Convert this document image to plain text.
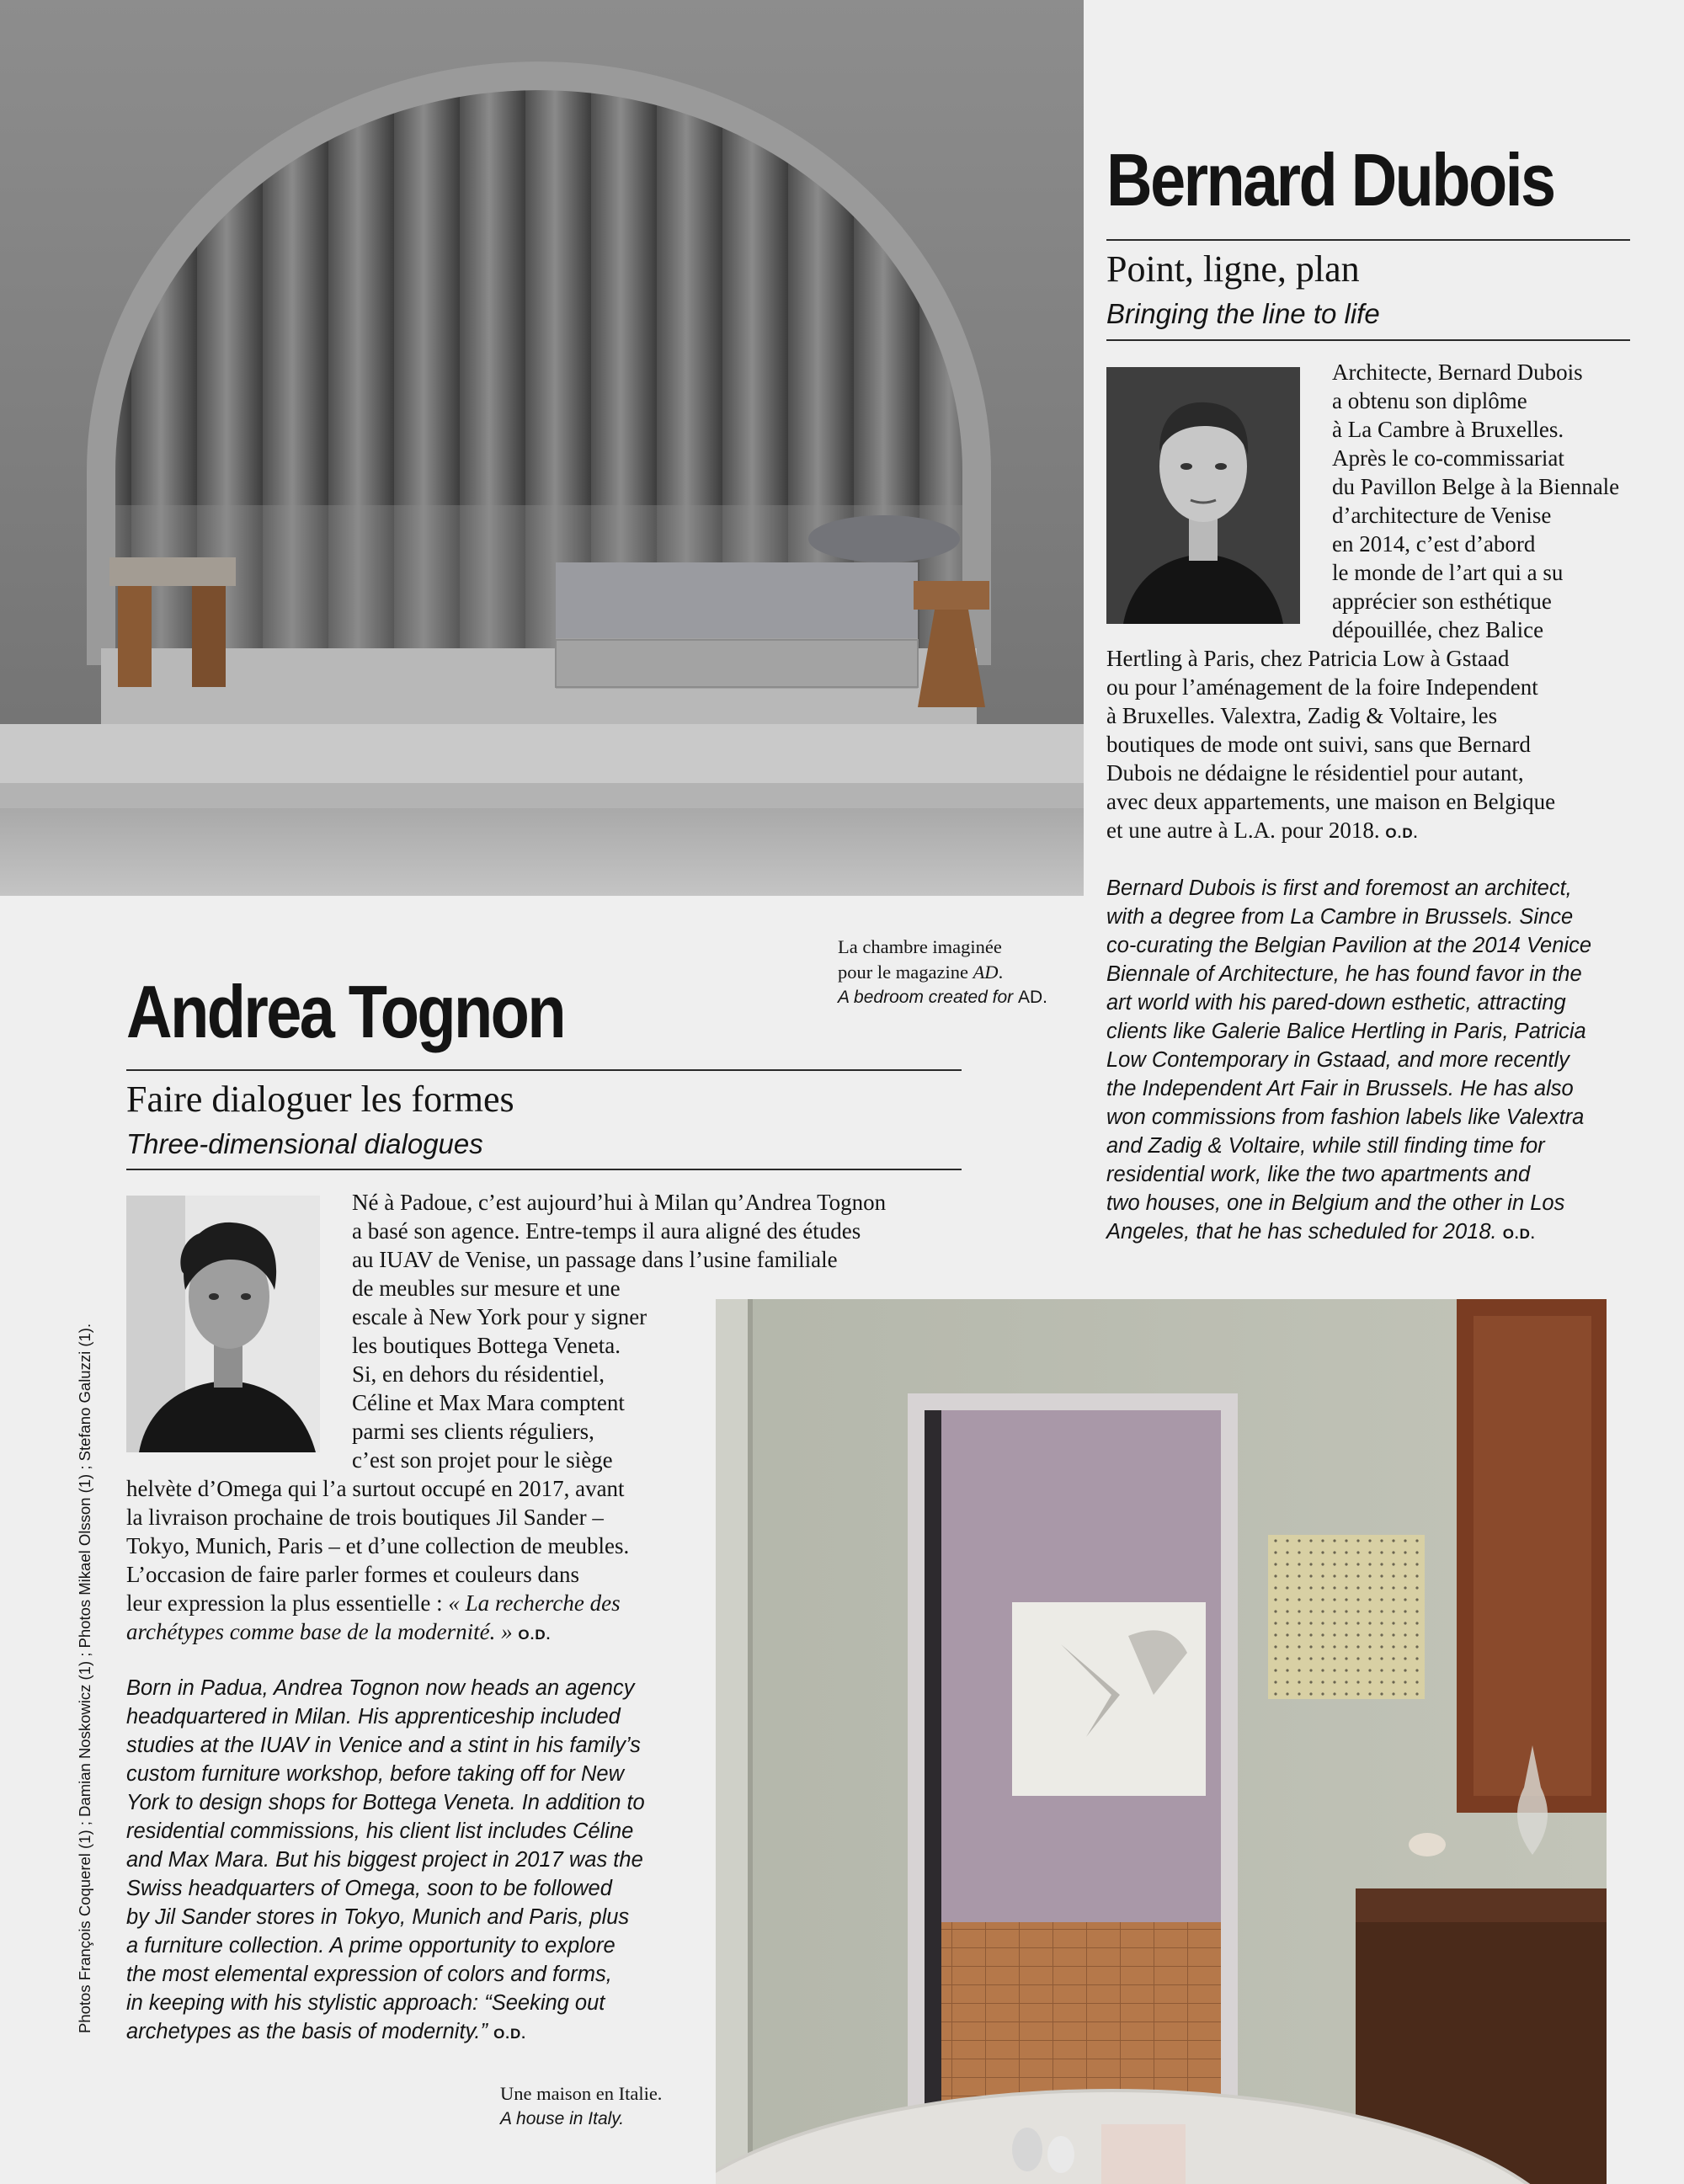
Bernard Dubois
Point, ligne, plan
Bringing the line to life
Architecte, Bernard Dubois
a obtenu son diplôme
à La Cambre à Bruxelles.
Après le co-commissariat
du Pavillon Belge à la Biennale
d’architecture de Venise
en 2014, c’est d’abord
le monde de l’art qui a su
apprécier son esthétique
dépouillée, chez Balice
Hertling à Paris, chez Patricia Low à Gstaad
ou pour l’aménagement de la foire Independent
à Bruxelles. Valextra, Zadig & Voltaire, les
boutiques de mode ont suivi, sans que Bernard
Dubois ne dédaigne le résidentiel pour autant,
avec deux appartements, une maison en Belgique
et une autre à L.A. pour 2018. O.D.
Bernard Dubois is first and foremost an architect,
with a degree from La Cambre in Brussels. Since
co-curating the Belgian Pavilion at the 2014 Venice
Biennale of Architecture, he has found favor in the
art world with his pared-down esthetic, attracting
clients like Galerie Balice Hertling in Paris, Patricia
Low Contemporary in Gstaad, and more recently
the Independent Art Fair in Brussels. He has also
won commissions from fashion labels like Valextra
and Zadig & Voltaire, while still finding time for
residential work, like the two apartments and
two houses, one in Belgium and the other in Los
Angeles, that he has scheduled for 2018. O.D.
La chambre imaginée
pour le magazine AD.
A bedroom created for AD.
Andrea Tognon
Faire dialoguer les formes
Three-dimensional dialogues
Né à Padoue, c’est aujourd’hui à Milan qu’Andrea Tognon
a basé son agence. Entre-temps il aura aligné des études
au IUAV de Venise, un passage dans l’usine familiale
de meubles sur mesure et une
escale à New York pour y signer
les boutiques Bottega Veneta.
Si, en dehors du résidentiel,
Céline et Max Mara comptent
parmi ses clients réguliers,
c’est son projet pour le siège
helvète d’Omega qui l’a surtout occupé en 2017, avant
la livraison prochaine de trois boutiques Jil Sander –
Tokyo, Munich, Paris – et d’une collection de meubles.
L’occasion de faire parler formes et couleurs dans
leur expression la plus essentielle : « La recherche des
archétypes comme base de la modernité. » O.D.
Born in Padua, Andrea Tognon now heads an agency
headquartered in Milan. His apprenticeship included
studies at the IUAV in Venice and a stint in his family’s
custom furniture workshop, before taking off for New
York to design shops for Bottega Veneta. In addition to
residential commissions, his client list includes Céline
and Max Mara. But his biggest project in 2017 was the
Swiss headquarters of Omega, soon to be followed
by Jil Sander stores in Tokyo, Munich and Paris, plus
a furniture collection. A prime opportunity to explore
the most elemental expression of colors and forms,
in keeping with his stylistic approach: “Seeking out
archetypes as the basis of modernity.” O.D.
Une maison en Italie.
A house in Italy.
Photos François Coquerel (1) ; Damian Noskowicz (1) ; Photos Mikael Olsson (1) ; Stefano Galuzzi (1).
